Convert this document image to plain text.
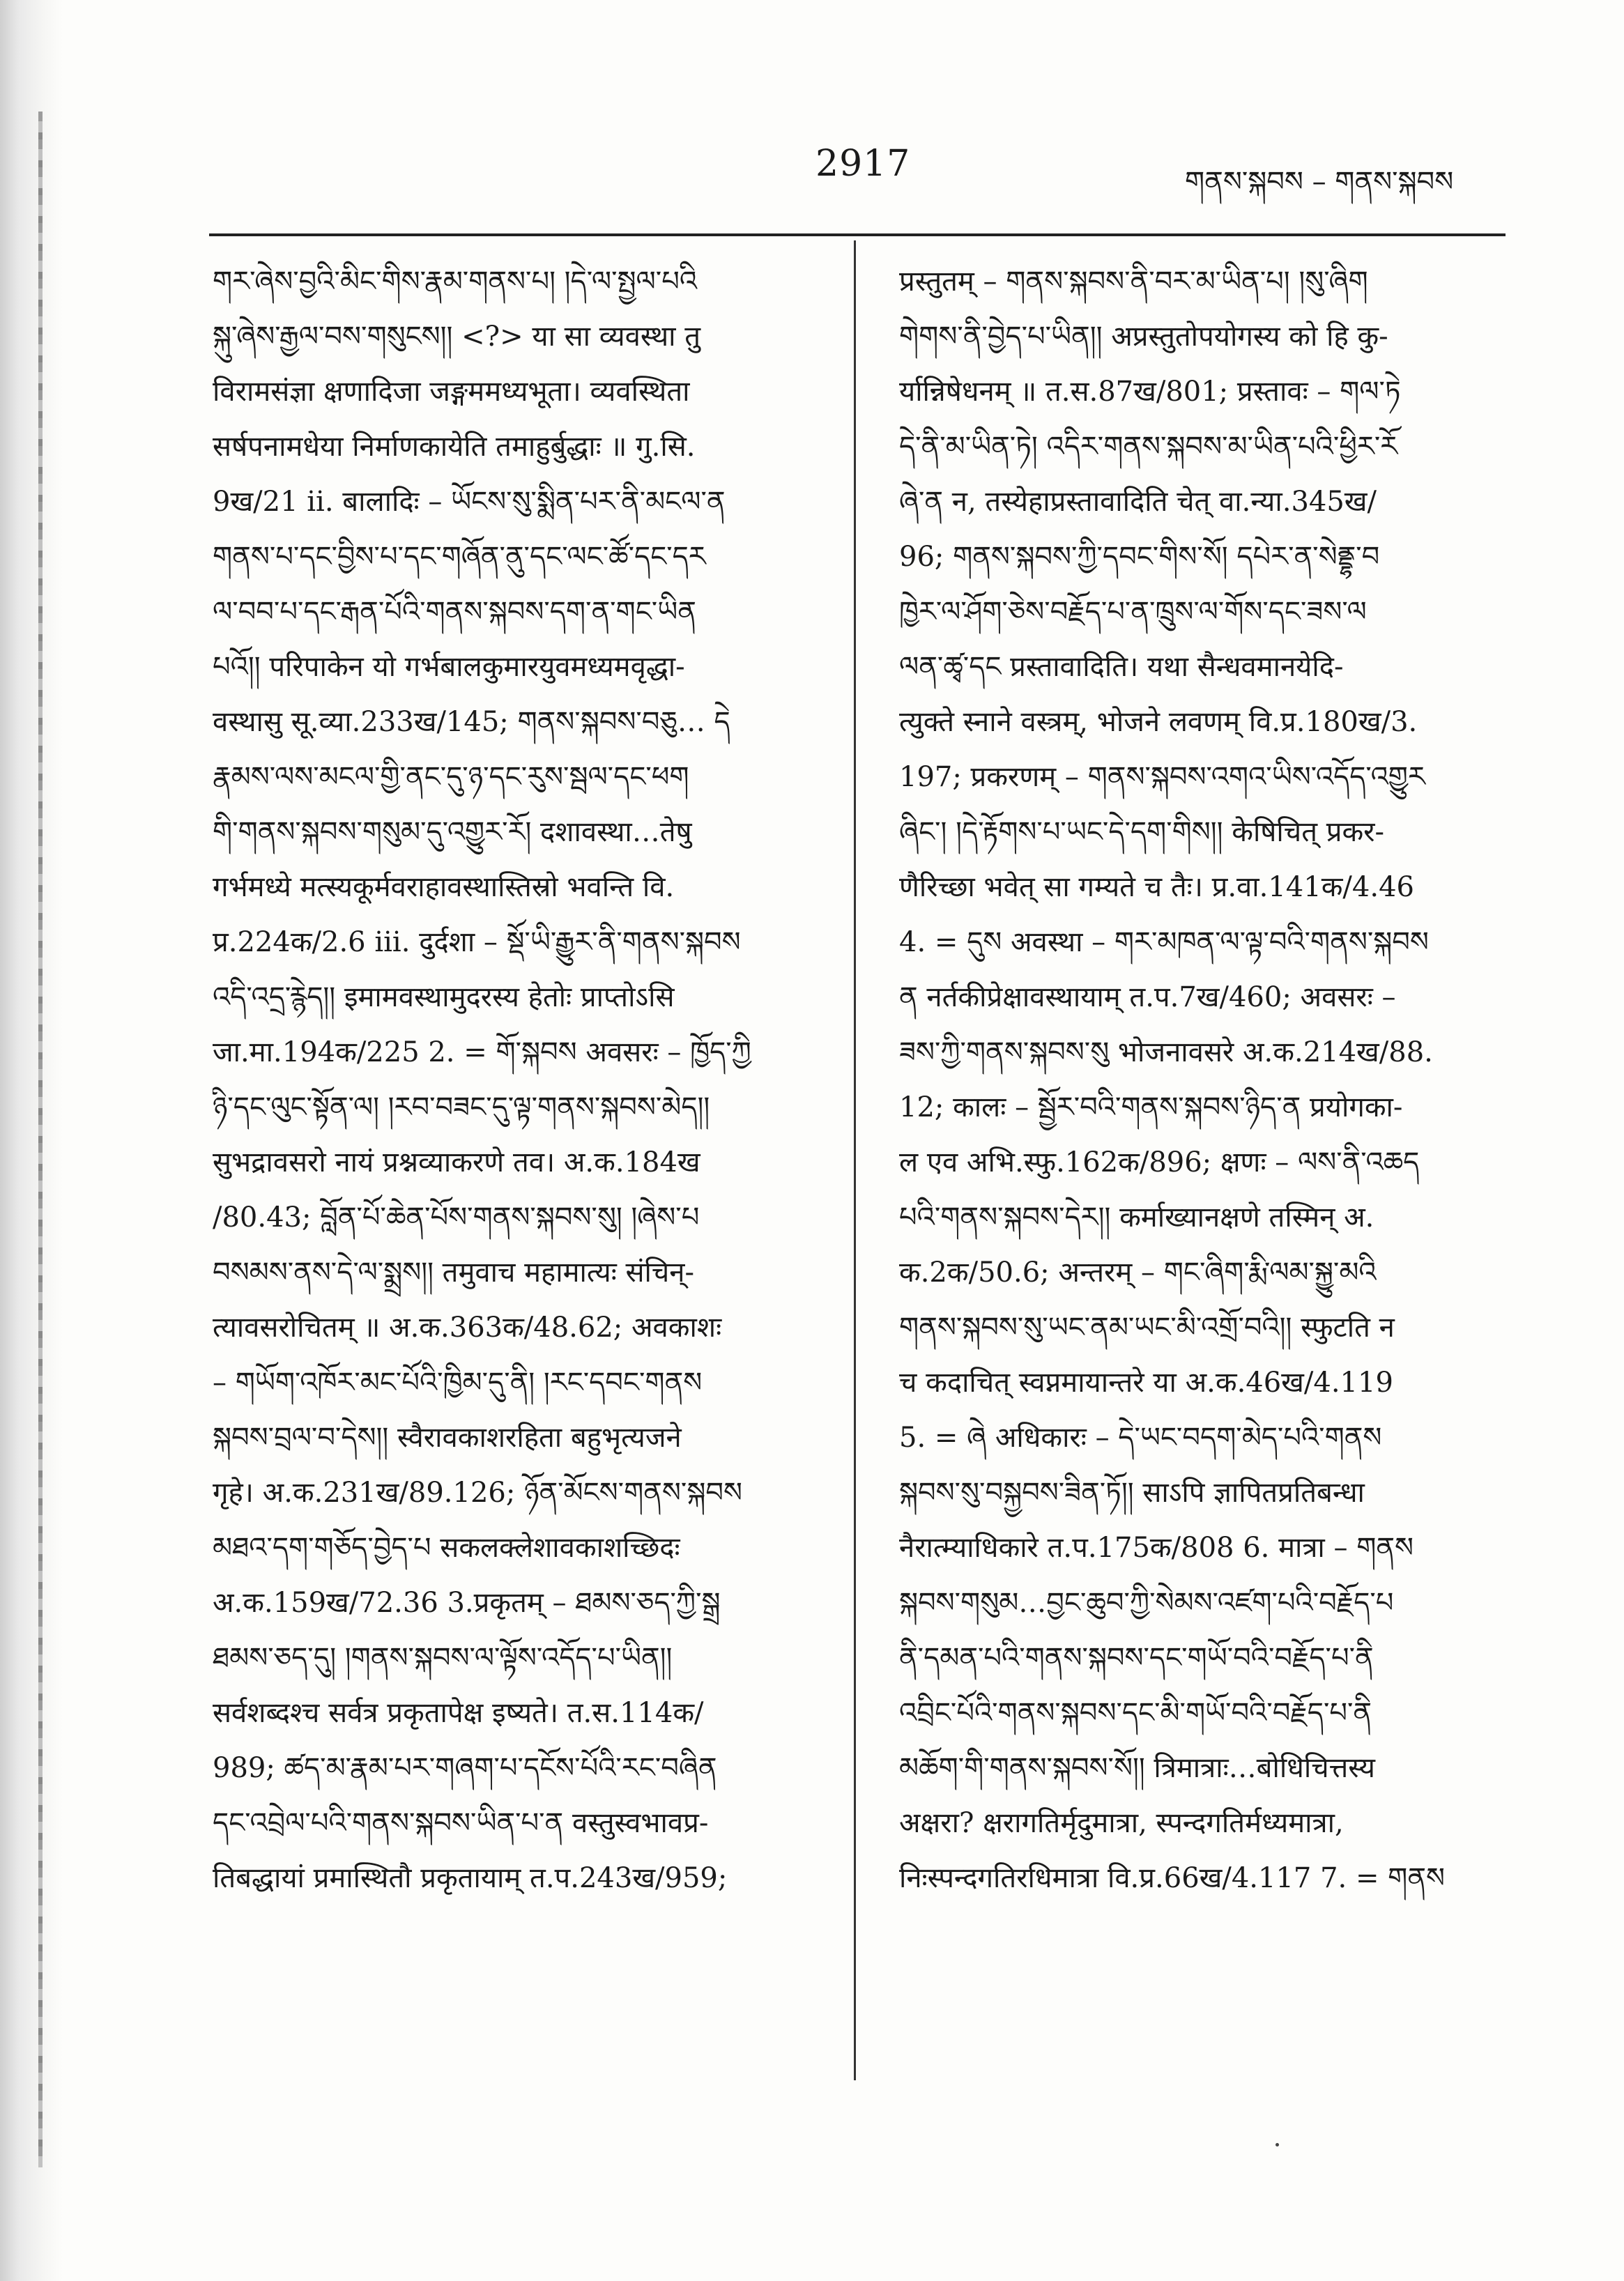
2917	གནས་སྐབས – གནས་སྐབས
གར་ཞེས་བྱའི་མིང་གིས་རྣམ་གནས་པ། །དེ་ལ་སྤྱལ་པའི
སྐུ་ཞེས་རྒྱལ་བས་གསུངས།། <?> या सा व्यवस्था तु
विरामसंज्ञा क्षणादिजा जङ्गममध्यभूता। व्यवस्थिता
सर्षपनामधेया निर्माणकायेति तमाहुर्बुद्धाः ॥ गु.सि.
9ख/21 ii. बालादिः – ཡོངས་སུ་སྨིན་པར་ནི་མངལ་ན
གནས་པ་དང་བྱིས་པ་དང་གཞོན་ནུ་དང་ལང་ཚོ་དང་དར
ལ་བབ་པ་དང་རྒན་པོའི་གནས་སྐབས་དག་ན་གང་ཡིན
པའོ།། परिपाकेन यो गर्भबालकुमारयुवमध्यमवृद्धा-
वस्थासु सू.व्या.233ख/145; གནས་སྐབས་བཅུ… དེ
རྣམས་ལས་མངལ་གྱི་ནང་དུ་ཉ་དང་རུས་སྦལ་དང་ཕག
གི་གནས་སྐབས་གསུམ་དུ་འགྱུར་རོ། दशावस्था…तेषु
गर्भमध्ये मत्स्यकूर्मवराहावस्थास्तिस्रो भवन्ति वि.
प्र.224क/2.6 iii. दुर्दशा – སྡོ་ཡི་རྒྱུར་ནི་གནས་སྐབས
འདི་འདྲ་རྙེད།། इमामवस्थामुदरस्य हेतोः प्राप्तोऽसि
जा.मा.194क/225 2. = གོ་སྐབས अवसरः – ཁྱོད་ཀྱི
ཉི་དང་ལུང་སྟོན་ལ། །རབ་བཟང་དུ་ལྟ་གནས་སྐབས་མེད།།
सुभद्रावसरो नायं प्रश्नव्याकरणे तव। अ.क.184ख
/80.43; བློན་པོ་ཆེན་པོས་གནས་སྐབས་སུ། །ཞེས་པ
བསམས་ནས་དེ་ལ་སྨྲས།། तमुवाच महामात्यः संचिन्-
त्यावसरोचितम् ॥ अ.क.363क/48.62; अवकाशः
– གཡོག་འཁོར་མང་པོའི་ཁྱིམ་དུ་ནི། །རང་དབང་གནས
སྐབས་བྲལ་བ་དེས།། स्वैरावकाशरहिता बहुभृत्यजने
गृहे। अ.क.231ख/89.126; ཉོན་མོངས་གནས་སྐབས
མཐའ་དག་གཅོད་བྱེད་པ सकलक्लेशावकाशच्छिदः
अ.क.159ख/72.36 3.प्रकृतम् – ཐམས་ཅད་ཀྱི་སྒྲ
ཐམས་ཅད་དུ། །གནས་སྐབས་ལ་ལྟོས་འདོད་པ་ཡིན།།
सर्वशब्दश्च सर्वत्र प्रकृतापेक्ष इष्यते। त.स.114क/
989; ཚད་མ་རྣམ་པར་གཞག་པ་དངོས་པོའི་རང་བཞིན
དང་འབྲེལ་པའི་གནས་སྐབས་ཡིན་པ་ན वस्तुस्वभावप्र-
तिबद्धायां प्रमास्थितौ प्रकृतायाम् त.प.243ख/959;
प्रस्तुतम् – གནས་སྐབས་ནི་བར་མ་ཡིན་པ། །སུ་ཞིག
གེགས་ནི་བྱེད་པ་ཡིན།། अप्रस्तुतोपयोगस्य को हि कु-
र्यान्निषेधनम् ॥ त.स.87ख/801; प्रस्तावः – གལ་ཏེ
དེ་ནི་མ་ཡིན་ཏེ། འདིར་གནས་སྐབས་མ་ཡིན་པའི་ཕྱིར་རོ
ཞེ་ན न, तस्येहाप्रस्तावादिति चेत् वा.न्या.345ख/
96; གནས་སྐབས་ཀྱི་དབང་གིས་སོ། དཔེར་ན་སེནྡྷ་བ
ཁྱེར་ལ་ཤོག་ཅེས་བརྗོད་པ་ན་ཁྲུས་ལ་གོས་དང་ཟས་ལ
ལན་ཚྭ་དང प्रस्तावादिति। यथा सैन्धवमानयेदि-
त्युक्ते स्नाने वस्त्रम्, भोजने लवणम् वि.प्र.180ख/3.
197; प्रकरणम् – གནས་སྐབས་འགའ་ཡིས་འདོད་འགྱུར
ཞིང་། །དེ་རྟོགས་པ་ཡང་དེ་དག་གིས།། केषिचित् प्रकर-
णैरिच्छा भवेत् सा गम्यते च तैः। प्र.वा.141क/4.46
4. = དུས अवस्था – གར་མཁན་ལ་ལྟ་བའི་གནས་སྐབས
ན नर्तकीप्रेक्षावस्थायाम् त.प.7ख/460; अवसरः –
ཟས་ཀྱི་གནས་སྐབས་སུ भोजनावसरे अ.क.214ख/88.
12; कालः – སྦྱོར་བའི་གནས་སྐབས་ཉིད་ན प्रयोगका-
ल एव अभि.स्फु.162क/896; क्षणः – ལས་ནི་འཆད
པའི་གནས་སྐབས་དེར།། कर्माख्यानक्षणे तस्मिन् अ.
क.2क/50.6; अन्तरम् – གང་ཞིག་རྨི་ལམ་སྐྱུ་མའི
གནས་སྐབས་སུ་ཡང་ནམ་ཡང་མི་འགྲོ་བའི།། स्फुटति न
च कदाचित् स्वप्नमायान्तरे या अ.क.46ख/4.119
5. = ཞེ अधिकारः – དེ་ཡང་བདག་མེད་པའི་གནས
སྐབས་སུ་བསྐྱབས་ཟིན་ཏོ།། साऽपि ज्ञापितप्रतिबन्धा
नैरात्म्याधिकारे त.प.175क/808 6. मात्रा – གནས
སྐབས་གསུམ…བྱང་ཆུབ་ཀྱི་སེམས་འཛག་པའི་བརྗོད་པ
ནི་དམན་པའི་གནས་སྐབས་དང་གཡོ་བའི་བརྗོད་པ་ནི
འབྲིང་པོའི་གནས་སྐབས་དང་མི་གཡོ་བའི་བརྗོད་པ་ནི
མཆོག་གི་གནས་སྐབས་སོ།། त्रिमात्राः…बोधिचित्तस्य
अक्षरा? क्षरागतिर्मृदुमात्रा, स्पन्दगतिर्मध्यमात्रा,
निःस्पन्दगतिरधिमात्रा वि.प्र.66ख/4.117 7. = གནས
